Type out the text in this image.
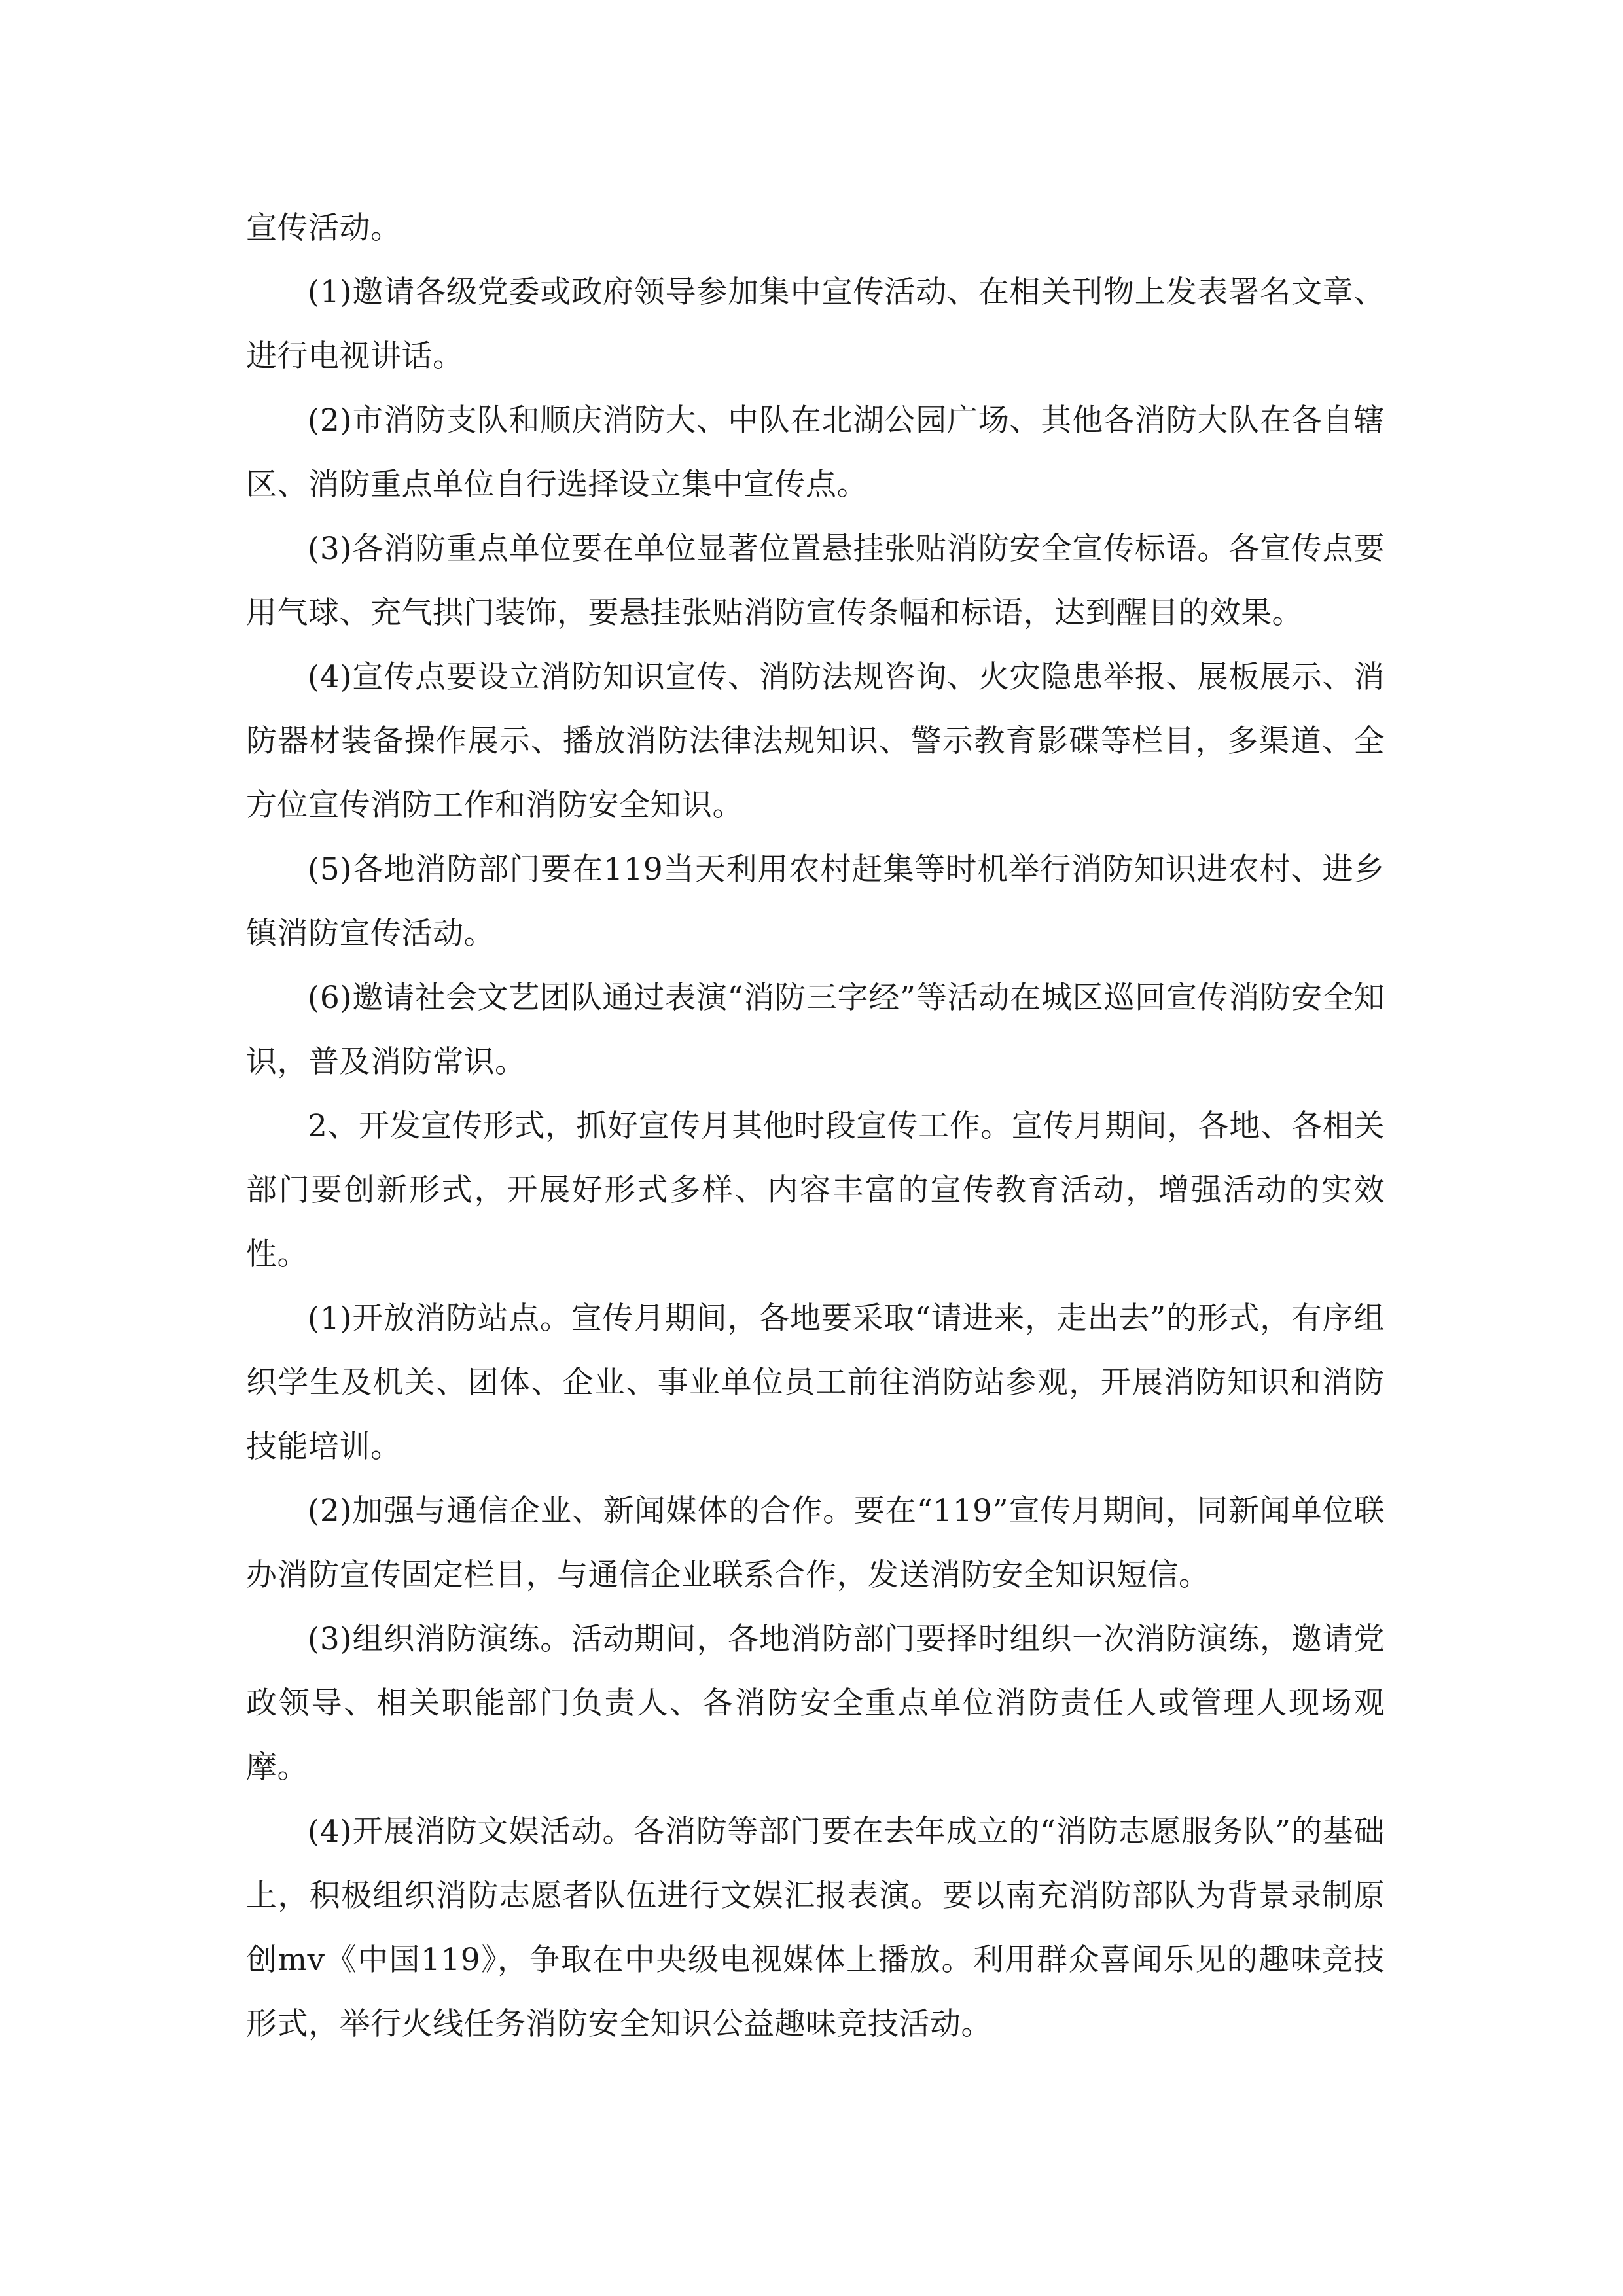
宣传活动。

(1)邀请各级党委或政府领导参加集中宣传活动、在相关刊物上发表署名文章、进行电视讲话。

(2)市消防支队和顺庆消防大、中队在北湖公园广场、其他各消防大队在各自辖区、消防重点单位自行选择设立集中宣传点。

(3)各消防重点单位要在单位显著位置悬挂张贴消防安全宣传标语。各宣传点要用气球、充气拱门装饰，要悬挂张贴消防宣传条幅和标语，达到醒目的效果。

(4)宣传点要设立消防知识宣传、消防法规咨询、火灾隐患举报、展板展示、消防器材装备操作展示、播放消防法律法规知识、警示教育影碟等栏目，多渠道、全方位宣传消防工作和消防安全知识。

(5)各地消防部门要在119当天利用农村赶集等时机举行消防知识进农村、进乡镇消防宣传活动。

(6)邀请社会文艺团队通过表演“消防三字经”等活动在城区巡回宣传消防安全知识，普及消防常识。

2、开发宣传形式，抓好宣传月其他时段宣传工作。宣传月期间，各地、各相关部门要创新形式，开展好形式多样、内容丰富的宣传教育活动，增强活动的实效性。

(1)开放消防站点。宣传月期间，各地要采取“请进来，走出去”的形式，有序组织学生及机关、团体、企业、事业单位员工前往消防站参观，开展消防知识和消防技能培训。

(2)加强与通信企业、新闻媒体的合作。要在“119”宣传月期间，同新闻单位联办消防宣传固定栏目，与通信企业联系合作，发送消防安全知识短信。

(3)组织消防演练。活动期间，各地消防部门要择时组织一次消防演练，邀请党政领导、相关职能部门负责人、各消防安全重点单位消防责任人或管理人现场观摩。

(4)开展消防文娱活动。各消防等部门要在去年成立的“消防志愿服务队”的基础上，积极组织消防志愿者队伍进行文娱汇报表演。要以南充消防部队为背景录制原创mv《中国119》，争取在中央级电视媒体上播放。利用群众喜闻乐见的趣味竞技形式，举行火线任务消防安全知识公益趣味竞技活动。
